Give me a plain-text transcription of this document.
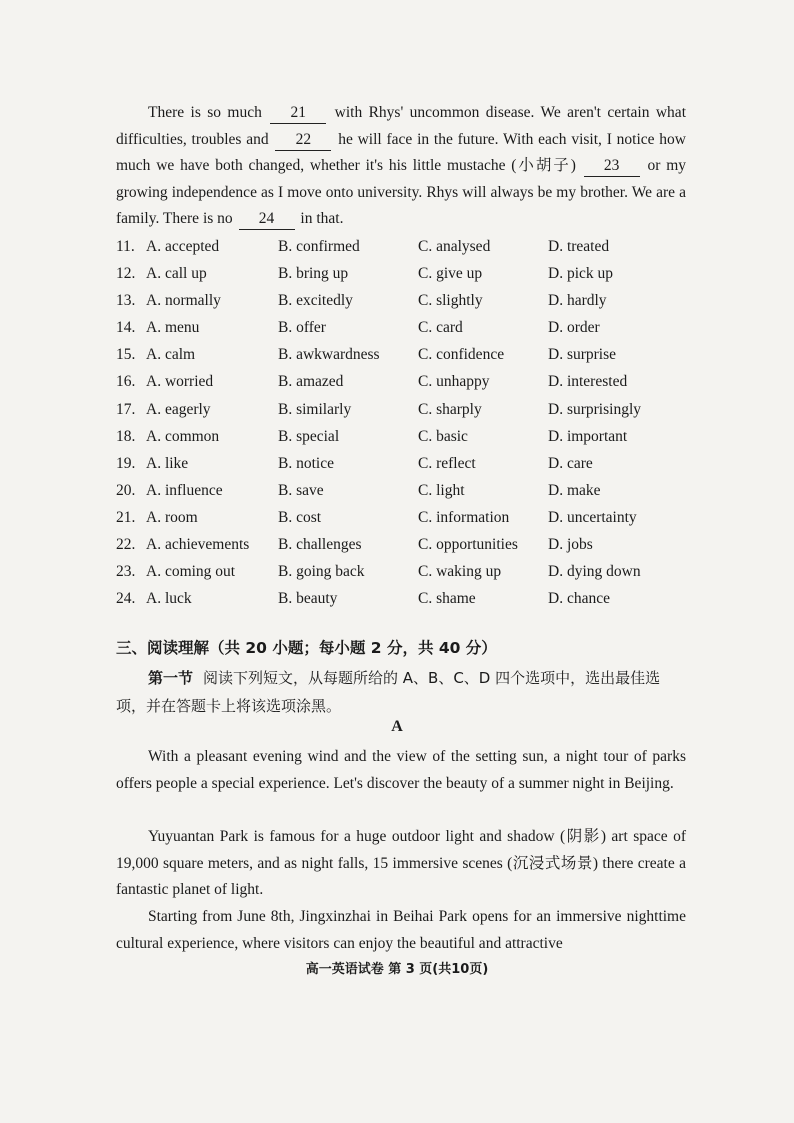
There is so much 21 with Rhys' uncommon disease. We aren't certain what difficulties, troubles and 22 he will face in the future. With each visit, I notice how much we have both changed, whether it's his little mustache (小胡子) 23 or my growing independence as I move onto university. Rhys will always be my brother. We are a family. There is no 24 in that.

11. A. accepted	B. confirmed	C. analysed	D. treated
12. A. call up	B. bring up	C. give up	D. pick up
13. A. normally	B. excitedly	C. slightly	D. hardly
14. A. menu	B. offer	C. card	D. order
15. A. calm	B. awkwardness C. confidence	D. surprise
16. A. worried	B. amazed	C. unhappy	D. interested
17. A. eagerly	B. similarly	C. sharply	D. surprisingly
18. A. common	B. special	C. basic	D. important
19. A. like	B. notice	C. reflect	D. care
20. A. influence	B. save	C. light	D. make
21. A. room	B. cost	C. information D. uncertainty
22. A. achievements B. challenges	C. opportunities D. jobs
23. A. coming out	B. going back	C. waking up	D. dying down
24. A. luck	B. beauty	C. shame	D. chance

三、阅读理解（共 20 小题；每小题 2 分，共 40 分）

第一节 阅读下列短文，从每题所给的 A、B、C、D 四个选项中，选出最佳选项，并在答题卡上将该选项涂黑。

A

With a pleasant evening wind and the view of the setting sun, a night tour of parks offers people a special experience. Let's discover the beauty of a summer night in Beijing.

Yuyuantan Park is famous for a huge outdoor light and shadow (阴影) art space of 19,000 square meters, and as night falls, 15 immersive scenes (沉浸式场景) there create a fantastic planet of light.

Starting from June 8th, Jingxinzhai in Beihai Park opens for an immersive nighttime cultural experience, where visitors can enjoy the beautiful and attractive

高一英语试卷 第 3 页(共10页)
